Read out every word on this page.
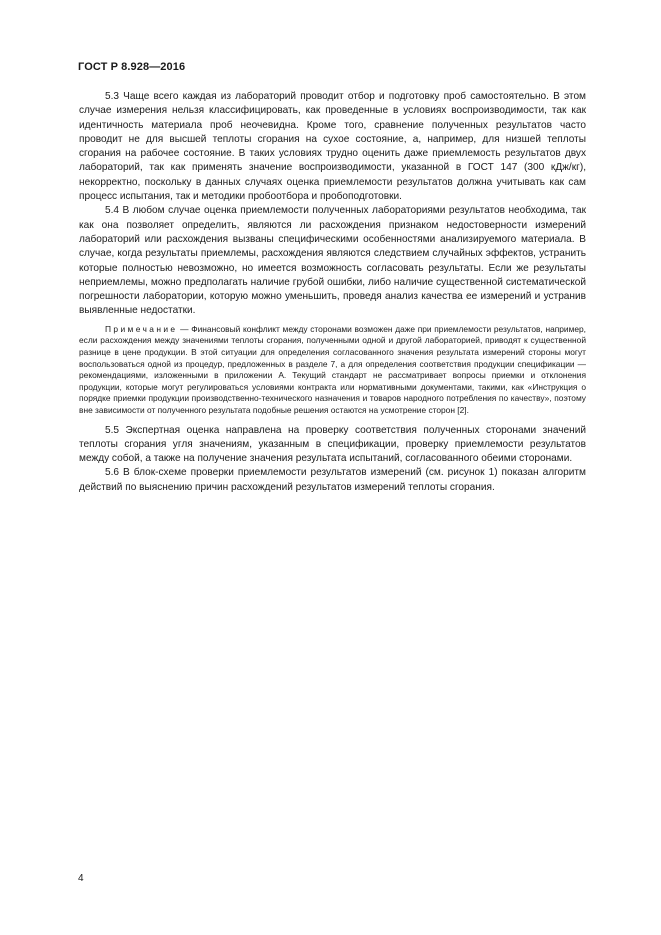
ГОСТ Р 8.928—2016

5.3 Чаще всего каждая из лабораторий проводит отбор и подготовку проб самостоятельно. В этом случае измерения нельзя классифицировать, как проведенные в условиях воспроизводимости, так как идентичность материала проб неочевидна. Кроме того, сравнение полученных результатов часто проводит не для высшей теплоты сгорания на сухое состояние, а, например, для низшей теплоты сгорания на рабочее состояние. В таких условиях трудно оценить даже приемлемость результатов двух лабораторий, так как применять значение воспроизводимости, указанной в ГОСТ 147 (300 кДж/кг), некорректно, поскольку в данных случаях оценка приемлемости результатов должна учитывать как сам процесс испытания, так и методики пробоотбора и пробоподготовки.

5.4 В любом случае оценка приемлемости полученных лабораториями результатов необходима, так как она позволяет определить, являются ли расхождения признаком недостоверности измерений лабораторий или расхождения вызваны специфическими особенностями анализируемого материала. В случае, когда результаты приемлемы, расхождения являются следствием случайных эффектов, устранить которые полностью невозможно, но имеется возможность согласовать результаты. Если же результаты неприемлемы, можно предполагать наличие грубой ошибки, либо наличие существенной систематической погрешности лаборатории, которую можно уменьшить, проведя анализ качества ее измерений и устранив выявленные недостатки.

Примечание — Финансовый конфликт между сторонами возможен даже при приемлемости результатов, например, если расхождения между значениями теплоты сгорания, полученными одной и другой лабораторией, приводят к существенной разнице в цене продукции. В этой ситуации для определения согласованного значения результата измерений стороны могут воспользоваться одной из процедур, предложенных в разделе 7, а для определения соответствия продукции спецификации — рекомендациями, изложенными в приложении А. Текущий стандарт не рассматривает вопросы приемки и отклонения продукции, которые могут регулироваться условиями контракта или нормативными документами, такими, как «Инструкция о порядке приемки продукции производственно-технического назначения и товаров народного потребления по качеству», поэтому вне зависимости от полученного результата подобные решения остаются на усмотрение сторон [2].

5.5 Экспертная оценка направлена на проверку соответствия полученных сторонами значений теплоты сгорания угля значениям, указанным в спецификации, проверку приемлемости результатов между собой, а также на получение значения результата испытаний, согласованного обеими сторонами.

5.6 В блок-схеме проверки приемлемости результатов измерений (см. рисунок 1) показан алгоритм действий по выяснению причин расхождений результатов измерений теплоты сгорания.

4
